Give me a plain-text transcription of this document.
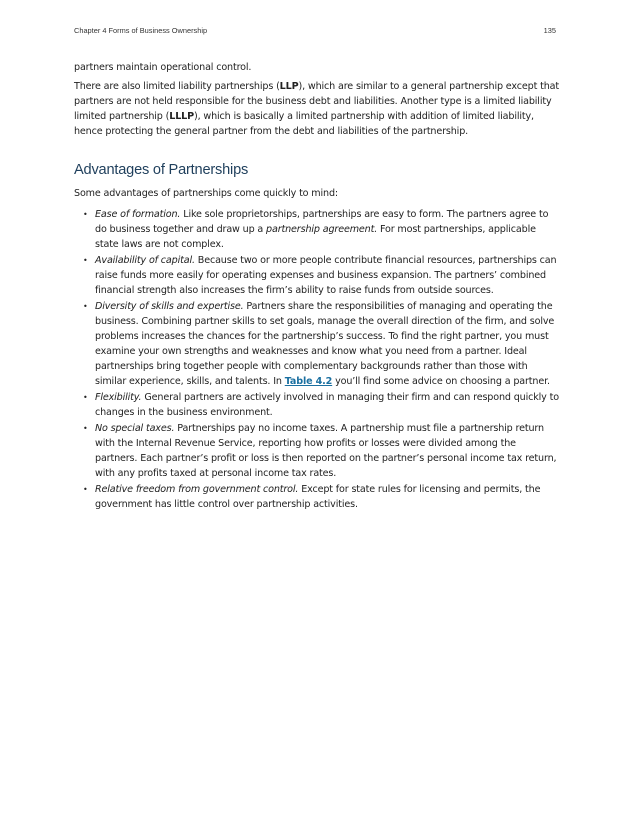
Chapter 4 Forms of Business Ownership	135

partners maintain operational control.

There are also limited liability partnerships (LLP), which are similar to a general partnership except that partners are not held responsible for the business debt and liabilities. Another type is a limited liability limited partnership (LLLP), which is basically a limited partnership with addition of limited liability, hence protecting the general partner from the debt and liabilities of the partnership.

Advantages of Partnerships

Some advantages of partnerships come quickly to mind:

• Ease of formation. Like sole proprietorships, partnerships are easy to form. The partners agree to do business together and draw up a partnership agreement. For most partnerships, applicable state laws are not complex.
• Availability of capital. Because two or more people contribute financial resources, partnerships can raise funds more easily for operating expenses and business expansion. The partners’ combined financial strength also increases the firm’s ability to raise funds from outside sources.
• Diversity of skills and expertise. Partners share the responsibilities of managing and operating the business. Combining partner skills to set goals, manage the overall direction of the firm, and solve problems increases the chances for the partnership’s success. To find the right partner, you must examine your own strengths and weaknesses and know what you need from a partner. Ideal partnerships bring together people with complementary backgrounds rather than those with similar experience, skills, and talents. In Table 4.2 you’ll find some advice on choosing a partner.
• Flexibility. General partners are actively involved in managing their firm and can respond quickly to changes in the business environment.
• No special taxes. Partnerships pay no income taxes. A partnership must file a partnership return with the Internal Revenue Service, reporting how profits or losses were divided among the partners. Each partner’s profit or loss is then reported on the partner’s personal income tax return, with any profits taxed at personal income tax rates.
• Relative freedom from government control. Except for state rules for licensing and permits, the government has little control over partnership activities.
